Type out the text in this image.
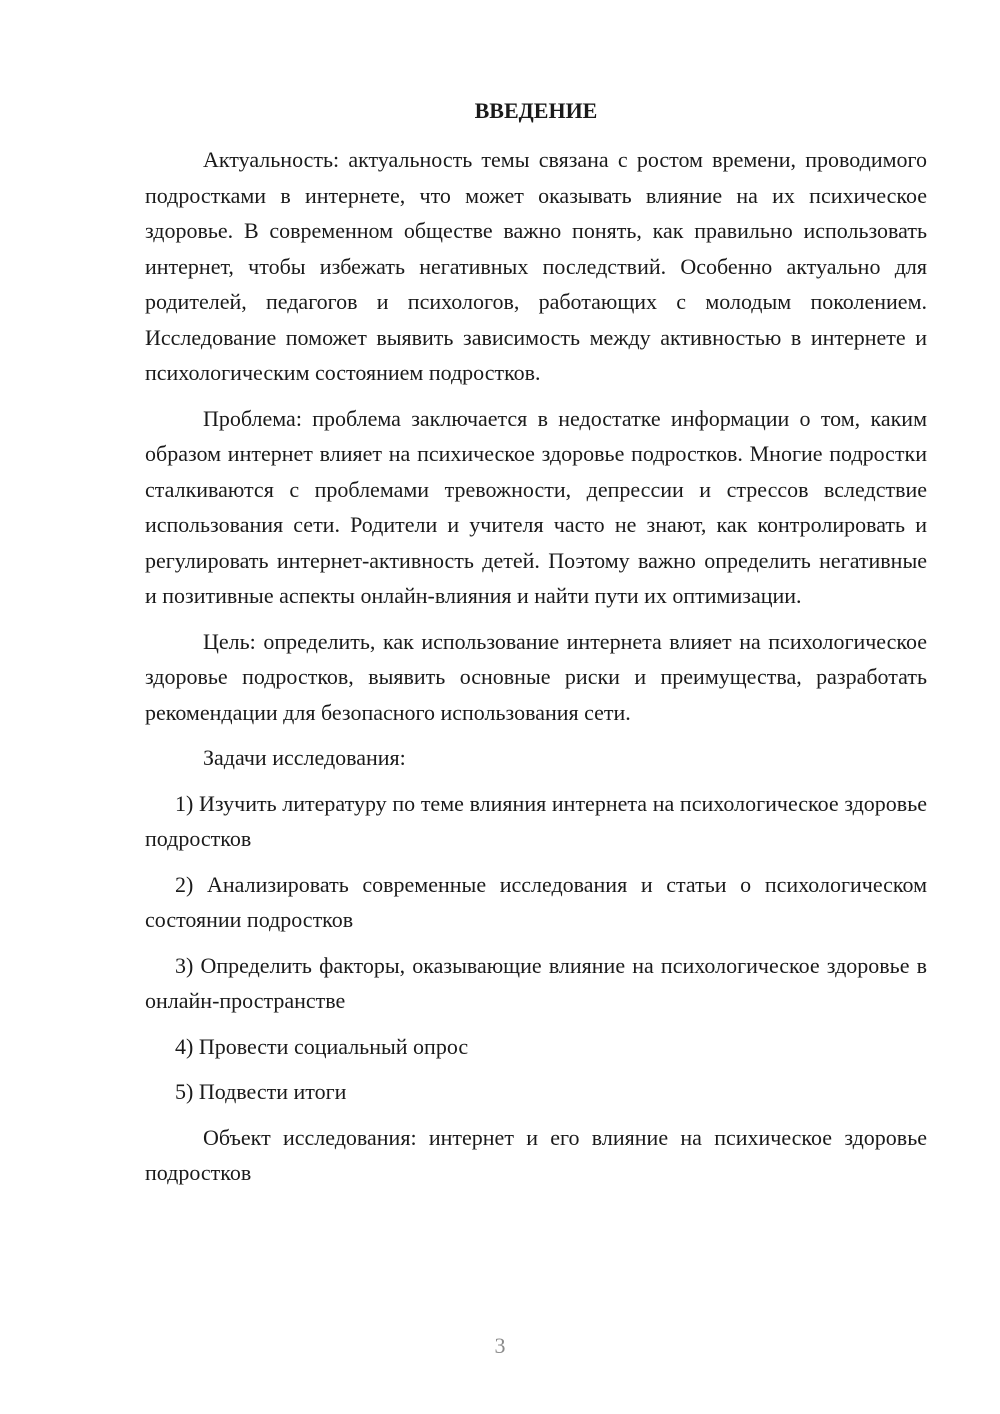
ВВЕДЕНИЕ

Актуальность: актуальность темы связана с ростом времени, проводимого подростками в интернете, что может оказывать влияние на их психическое здоровье. В современном обществе важно понять, как правильно использовать интернет, чтобы избежать негативных последствий. Особенно актуально для родителей, педагогов и психологов, работающих с молодым поколением. Исследование поможет выявить зависимость между активностью в интернете и психологическим состоянием подростков.

Проблема: проблема заключается в недостатке информации о том, каким образом интернет влияет на психическое здоровье подростков. Многие подростки сталкиваются с проблемами тревожности, депрессии и стрессов вследствие использования сети. Родители и учителя часто не знают, как контролировать и регулировать интернет-активность детей. Поэтому важно определить негативные и позитивные аспекты онлайн-влияния и найти пути их оптимизации.

Цель: определить, как использование интернета влияет на психологическое здоровье подростков, выявить основные риски и преимущества, разработать рекомендации для безопасного использования сети.

Задачи исследования:

1) Изучить литературу по теме влияния интернета на психологическое здоровье подростков

2) Анализировать современные исследования и статьи о психологическом состоянии подростков

3) Определить факторы, оказывающие влияние на психологическое здоровье в онлайн-пространстве

4) Провести социальный опрос

5) Подвести итоги

Объект исследования: интернет и его влияние на психическое здоровье подростков

3
